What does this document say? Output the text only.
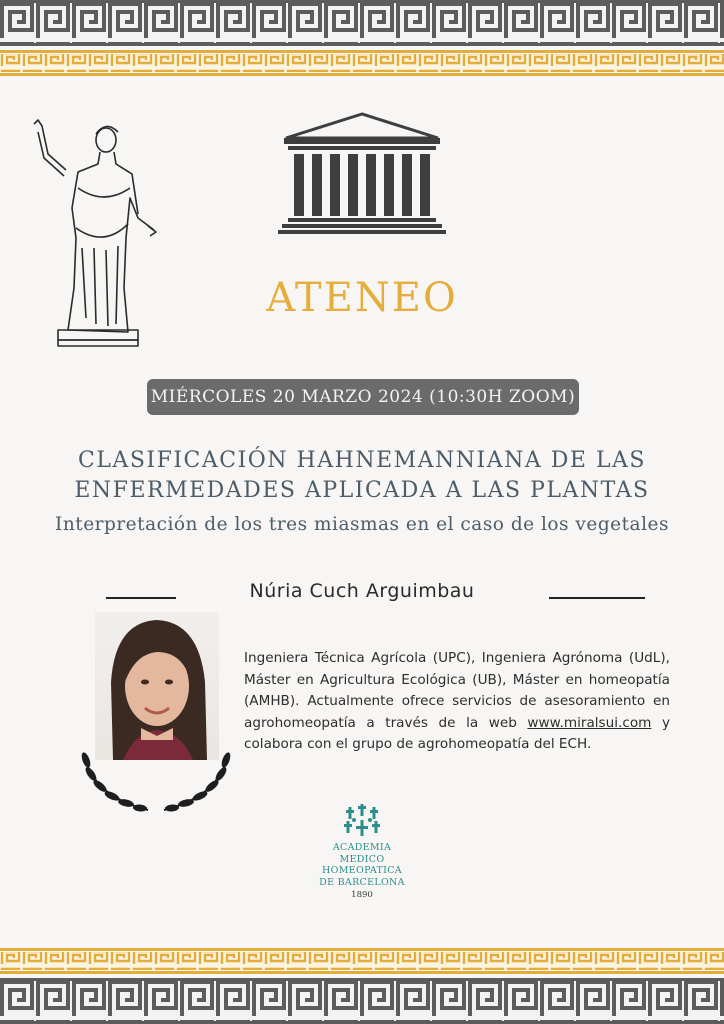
ATENEO
MIÉRCOLES 20 MARZO 2024 (10:30H ZOOM)
CLASIFICACIÓN HAHNEMANNIANA DE LAS
ENFERMEDADES APLICADA A LAS PLANTAS
Interpretación de los tres miasmas en el caso de los vegetales
Núria Cuch Arguimbau
Ingeniera Técnica Agrícola (UPC), Ingeniera Agrónoma (UdL), Máster en Agricultura Ecológica (UB), Máster en homeopatía (AMHB). Actualmente ofrece servicios de asesoramiento en agrohomeopatía a través de la web www.miralsui.com y colabora con el grupo de agrohomeopatía del ECH.
ACADEMIA
MEDICO HOMEOPATICA
DE BARCELONA
1890
